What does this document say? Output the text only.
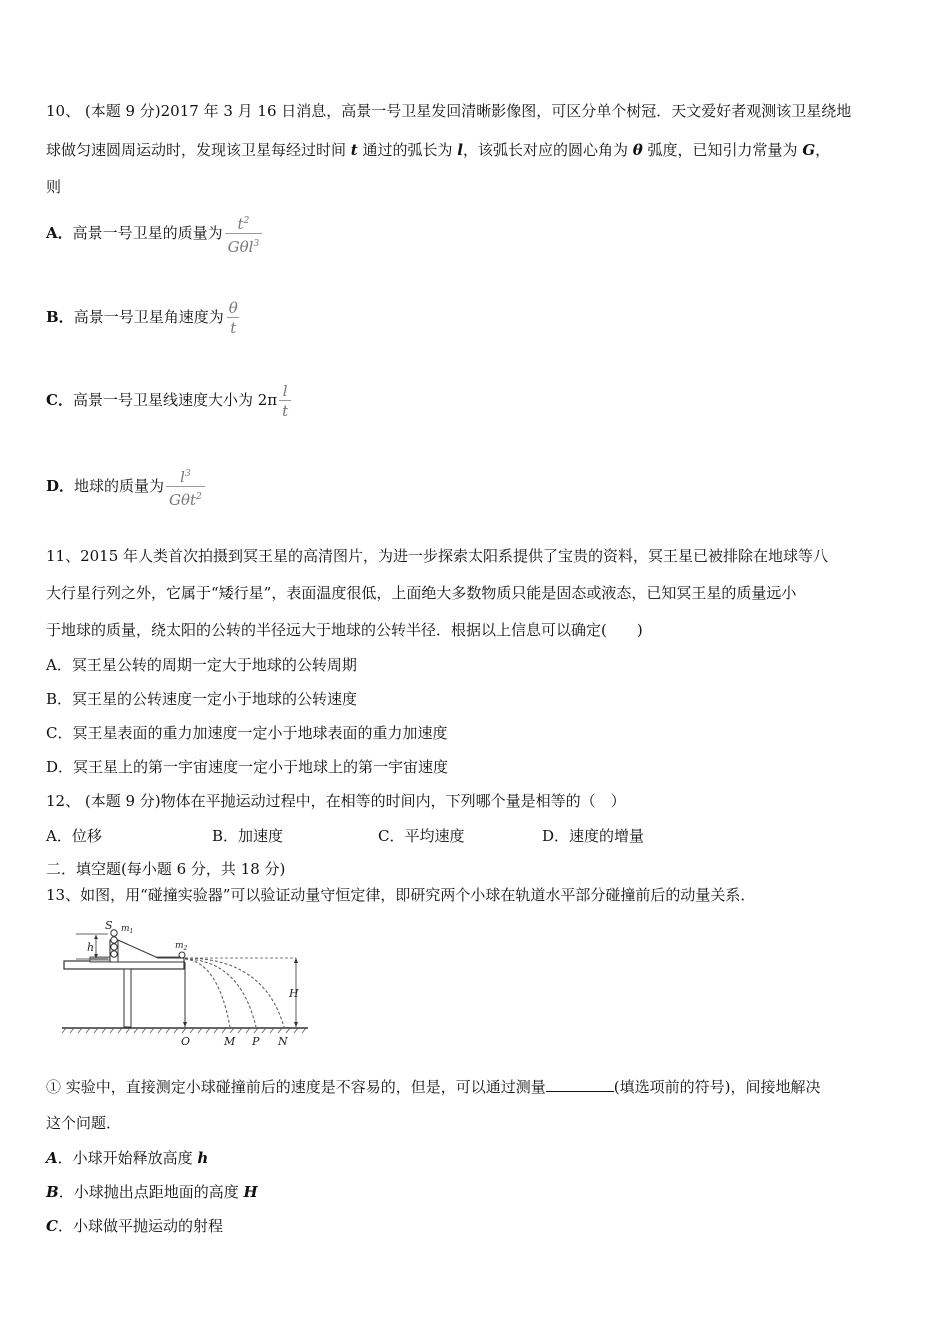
10、 (本题 9 分)2017 年 3 月 16 日消息，高景一号卫星发回清晰影像图，可区分单个树冠．天文爱好者观测该卫星绕地
球做匀速圆周运动时，发现该卫星每经过时间 t 通过的弧长为 l，该弧长对应的圆心角为 θ 弧度，已知引力常量为 G，
则
A．高景一号卫星的质量为 $\frac{t^2}{G\theta l^3}$
B．高景一号卫星角速度为 $\frac{\theta}{t}$
C．高景一号卫星线速度大小为 $2\pi \frac{l}{t}$
D．地球的质量为 $\frac{l^3}{G\theta t^2}$
11、2015 年人类首次拍摄到冥王星的高清图片，为进一步探索太阳系提供了宝贵的资料，冥王星已被排除在地球等八
大行星行列之外，它属于“矮行星”，表面温度很低，上面绝大多数物质只能是固态或液态，已知冥王星的质量远小
于地球的质量，绕太阳的公转的半径远大于地球的公转半径．根据以上信息可以确定(　　)
A．冥王星公转的周期一定大于地球的公转周期
B．冥王星的公转速度一定小于地球的公转速度
C．冥王星表面的重力加速度一定小于地球表面的重力加速度
D．冥王星上的第一宇宙速度一定小于地球上的第一宇宙速度
12、 (本题 9 分)物体在平抛运动过程中，在相等的时间内，下列哪个量是相等的（　）
A．位移	B．加速度	C．平均速度	D．速度的增量
二．填空题(每小题 6 分，共 18 分)
13、如图，用“碰撞实验器”可以验证动量守恒定律，即研究两个小球在轨道水平部分碰撞前后的动量关系．
h
S $m_1$
$m_2$
H
O	M P N
① 实验中，直接测定小球碰撞前后的速度是不容易的，但是，可以通过测量	(填选项前的符号)，间接地解决
这个问题．
A．小球开始释放高度 h
B．小球抛出点距地面的高度 H
C．小球做平抛运动的射程
